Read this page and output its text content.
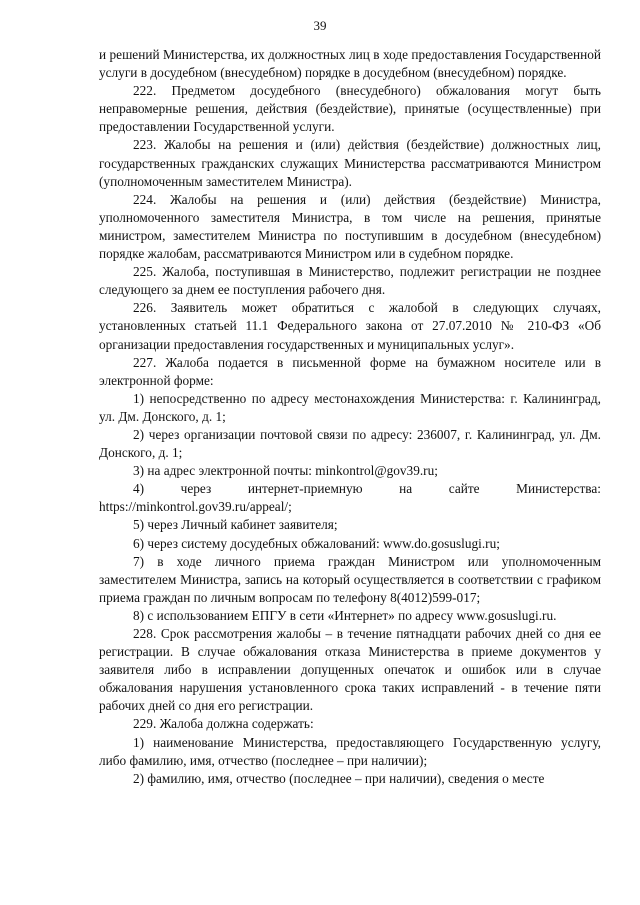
39

и решений Министерства, их должностных лиц в ходе предоставления Государственной услуги в досудебном (внесудебном) порядке в досудебном (внесудебном) порядке.

222. Предметом досудебного (внесудебного) обжалования могут быть неправомерные решения, действия (бездействие), принятые (осуществленные) при предоставлении Государственной услуги.

223. Жалобы на решения и (или) действия (бездействие) должностных лиц, государственных гражданских служащих Министерства рассматриваются Министром (уполномоченным заместителем Министра).

224. Жалобы на решения и (или) действия (бездействие) Министра, уполномоченного заместителя Министра, в том числе на решения, принятые министром, заместителем Министра по поступившим в досудебном (внесудебном) порядке жалобам, рассматриваются Министром или в судебном порядке.

225. Жалоба, поступившая в Министерство, подлежит регистрации не позднее следующего за днем ее поступления рабочего дня.

226. Заявитель может обратиться с жалобой в следующих случаях, установленных статьей 11.1 Федерального закона от 27.07.2010 № 210-ФЗ «Об организации предоставления государственных и муниципальных услуг».

227. Жалоба подается в письменной форме на бумажном носителе или в электронной форме:

1) непосредственно по адресу местонахождения Министерства: г. Калининград, ул. Дм. Донского, д. 1;

2) через организации почтовой связи по адресу: 236007, г. Калининград, ул. Дм. Донского, д. 1;

3) на адрес электронной почты: minkontrol@gov39.ru;

4) через интернет-приемную на сайте Министерства: https://minkontrol.gov39.ru/appeal/;

5) через Личный кабинет заявителя;

6) через систему досудебных обжалований: www.do.gosuslugi.ru;

7) в ходе личного приема граждан Министром или уполномоченным заместителем Министра, запись на который осуществляется в соответствии с графиком приема граждан по личным вопросам по телефону 8(4012)599-017;

8) с использованием ЕПГУ в сети «Интернет» по адресу www.gosuslugi.ru.

228. Срок рассмотрения жалобы – в течение пятнадцати рабочих дней со дня ее регистрации. В случае обжалования отказа Министерства в приеме документов у заявителя либо в исправлении допущенных опечаток и ошибок или в случае обжалования нарушения установленного срока таких исправлений - в течение пяти рабочих дней со дня его регистрации.

229. Жалоба должна содержать:

1) наименование Министерства, предоставляющего Государственную услугу, либо фамилию, имя, отчество (последнее – при наличии);

2) фамилию, имя, отчество (последнее – при наличии), сведения о месте
